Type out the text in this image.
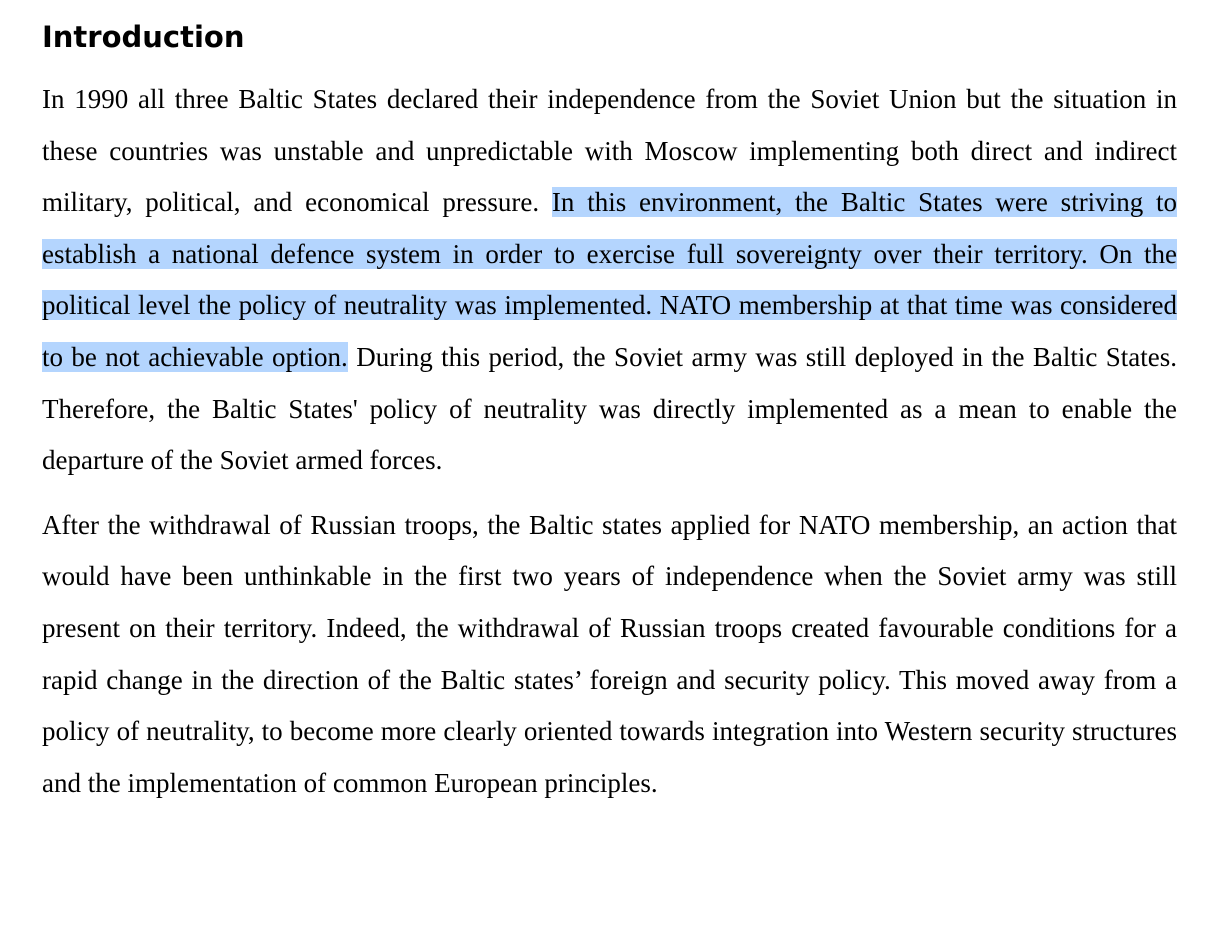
Introduction

In 1990 all three Baltic States declared their independence from the Soviet Union but the situation in these countries was unstable and unpredictable with Moscow implementing both direct and indirect military, political, and economical pressure. In this environment, the Baltic States were striving to establish a national defence system in order to exercise full sovereignty over their territory. On the political level the policy of neutrality was implemented. NATO membership at that time was considered to be not achievable option. During this period, the Soviet army was still deployed in the Baltic States. Therefore, the Baltic States' policy of neutrality was directly implemented as a mean to enable the departure of the Soviet armed forces.

After the withdrawal of Russian troops, the Baltic states applied for NATO membership, an action that would have been unthinkable in the first two years of independence when the Soviet army was still present on their territory. Indeed, the withdrawal of Russian troops created favourable conditions for a rapid change in the direction of the Baltic states’ foreign and security policy. This moved away from a policy of neutrality, to become more clearly oriented towards integration into Western security structures and the implementation of common European principles.
